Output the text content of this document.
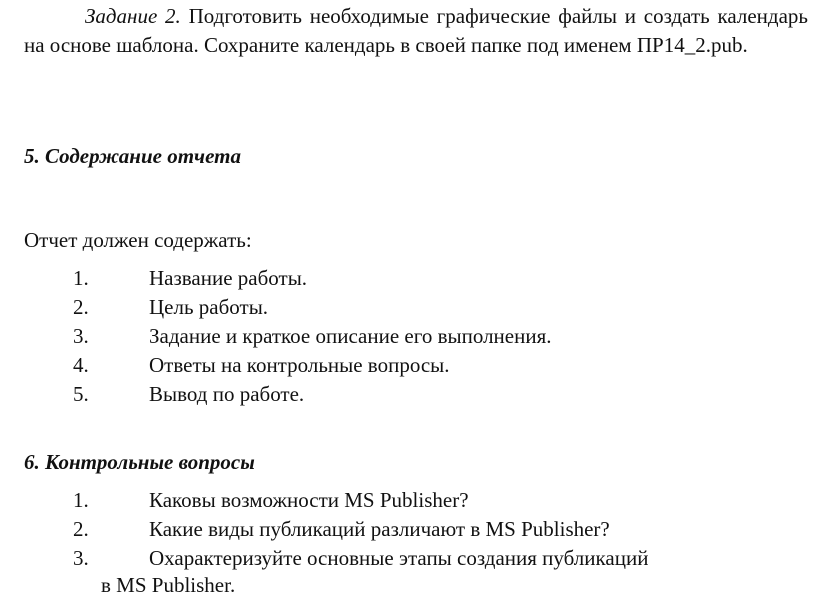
Задание 2. Подготовить необходимые графические файлы и создать календарь на основе шаблона. Сохраните календарь в своей папке под именем ПР14_2.pub.

5. Содержание отчета
Отчет должен содержать:
1.	Название работы.
2.	Цель работы.
3.	Задание и краткое описание его выполнения.
4.	Ответы на контрольные вопросы.
5.	Вывод по работе.
6. Контрольные вопросы
1.	Каковы возможности MS Publisher?
2.	Какие виды публикаций различают в MS Publisher?
3.	Охарактеризуйте основные этапы создания публикаций
в MS Publisher.
